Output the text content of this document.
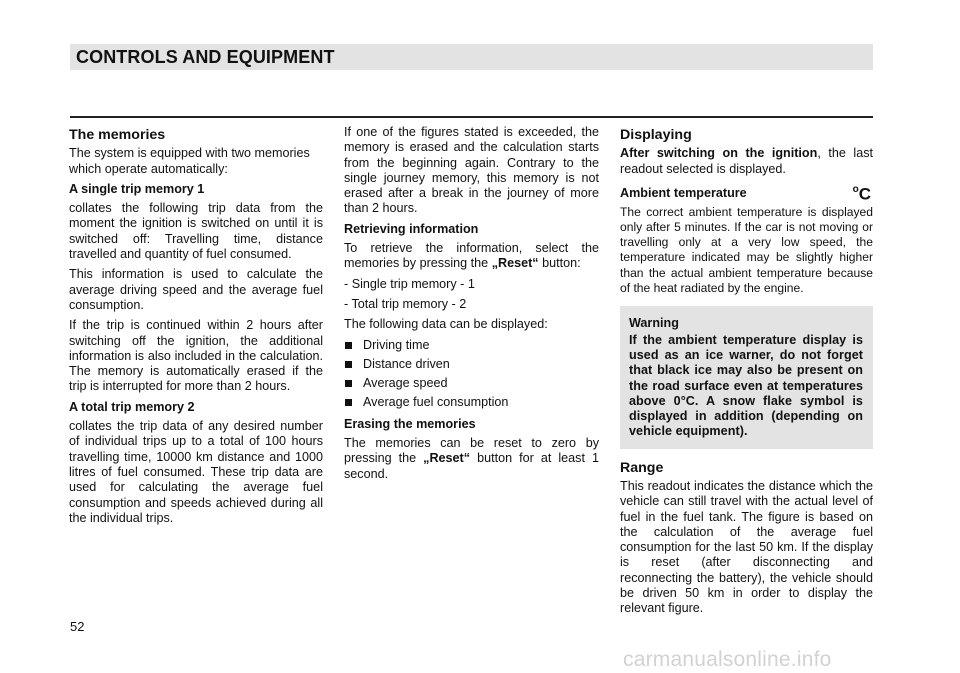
CONTROLS AND EQUIPMENT
The memories

The system is equipped with two memories which operate automatically:

A single trip memory 1

collates the following trip data from the moment the ignition is switched on until it is switched off: Travelling time, distance travelled and quantity of fuel consumed.

This information is used to calculate the average driving speed and the average fuel consumption.

If the trip is continued within 2 hours after switching off the ignition, the additional information is also included in the calculation. The memory is automatically erased if the trip is interrupted for more than 2 hours.

A total trip memory 2

collates the trip data of any desired number of individual trips up to a total of 100 hours travelling time, 10000 km distance and 1000 litres of fuel consumed. These trip data are used for calculating the average fuel consumption and speeds achieved during all the individual trips.

If one of the figures stated is exceeded, the memory is erased and the calculation starts from the beginning again. Contrary to the single journey memory, this memory is not erased after a break in the journey of more than 2 hours.

Retrieving information

To retrieve the information, select the memories by pressing the „Reset“ button:

- Single trip memory - 1

- Total trip memory - 2

The following data can be displayed:

Driving time
Distance driven
Average speed
Average fuel consumption
Erasing the memories

The memories can be reset to zero by pressing the „Reset“ button for at least 1 second.

Displaying

After switching on the ignition, the last readout selected is displayed.

Ambient temperature	$^o$C

The correct ambient temperature is displayed only after 5 minutes. If the car is not moving or travelling only at a very low speed, the temperature indicated may be slightly higher than the actual ambient temperature because of the heat radiated by the engine.

Warning
If the ambient temperature display is used as an ice warner, do not forget that black ice may also be present on the road surface even at temperatures above 0°C. A snow flake symbol is displayed in addition (depending on vehicle equipment).
Range

This readout indicates the distance which the vehicle can still travel with the actual level of fuel in the fuel tank. The figure is based on the calculation of the average fuel consumption for the last 50 km. If the display is reset (after disconnecting and reconnecting the battery), the vehicle should be driven 50 km in order to display the relevant figure.

52
carmanualsonline.info
